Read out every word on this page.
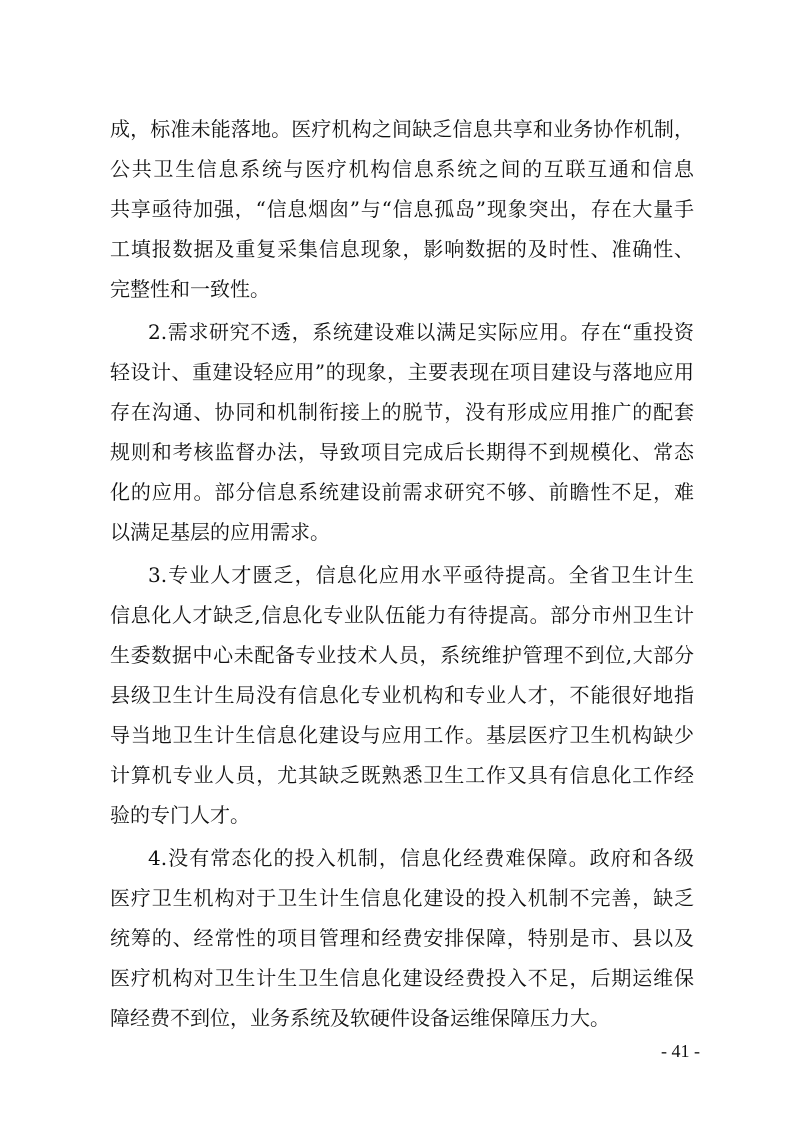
成，标准未能落地。医疗机构之间缺乏信息共享和业务协作机制，
公共卫生信息系统与医疗机构信息系统之间的互联互通和信息
共享亟待加强，“信息烟囱”与“信息孤岛”现象突出，存在大量手
工填报数据及重复采集信息现象，影响数据的及时性、准确性、
完整性和一致性。
2.需求研究不透，系统建设难以满足实际应用。存在“重投资
轻设计、重建设轻应用”的现象，主要表现在项目建设与落地应用
存在沟通、协同和机制衔接上的脱节，没有形成应用推广的配套
规则和考核监督办法，导致项目完成后长期得不到规模化、常态
化的应用。部分信息系统建设前需求研究不够、前瞻性不足，难
以满足基层的应用需求。
3.专业人才匮乏，信息化应用水平亟待提高。全省卫生计生
信息化人才缺乏,信息化专业队伍能力有待提高。部分市州卫生计
生委数据中心未配备专业技术人员，系统维护管理不到位,大部分
县级卫生计生局没有信息化专业机构和专业人才，不能很好地指
导当地卫生计生信息化建设与应用工作。基层医疗卫生机构缺少
计算机专业人员，尤其缺乏既熟悉卫生工作又具有信息化工作经
验的专门人才。
4.没有常态化的投入机制，信息化经费难保障。政府和各级
医疗卫生机构对于卫生计生信息化建设的投入机制不完善，缺乏
统筹的、经常性的项目管理和经费安排保障，特别是市、县以及
医疗机构对卫生计生卫生信息化建设经费投入不足，后期运维保
障经费不到位，业务系统及软硬件设备运维保障压力大。
- 41 -
